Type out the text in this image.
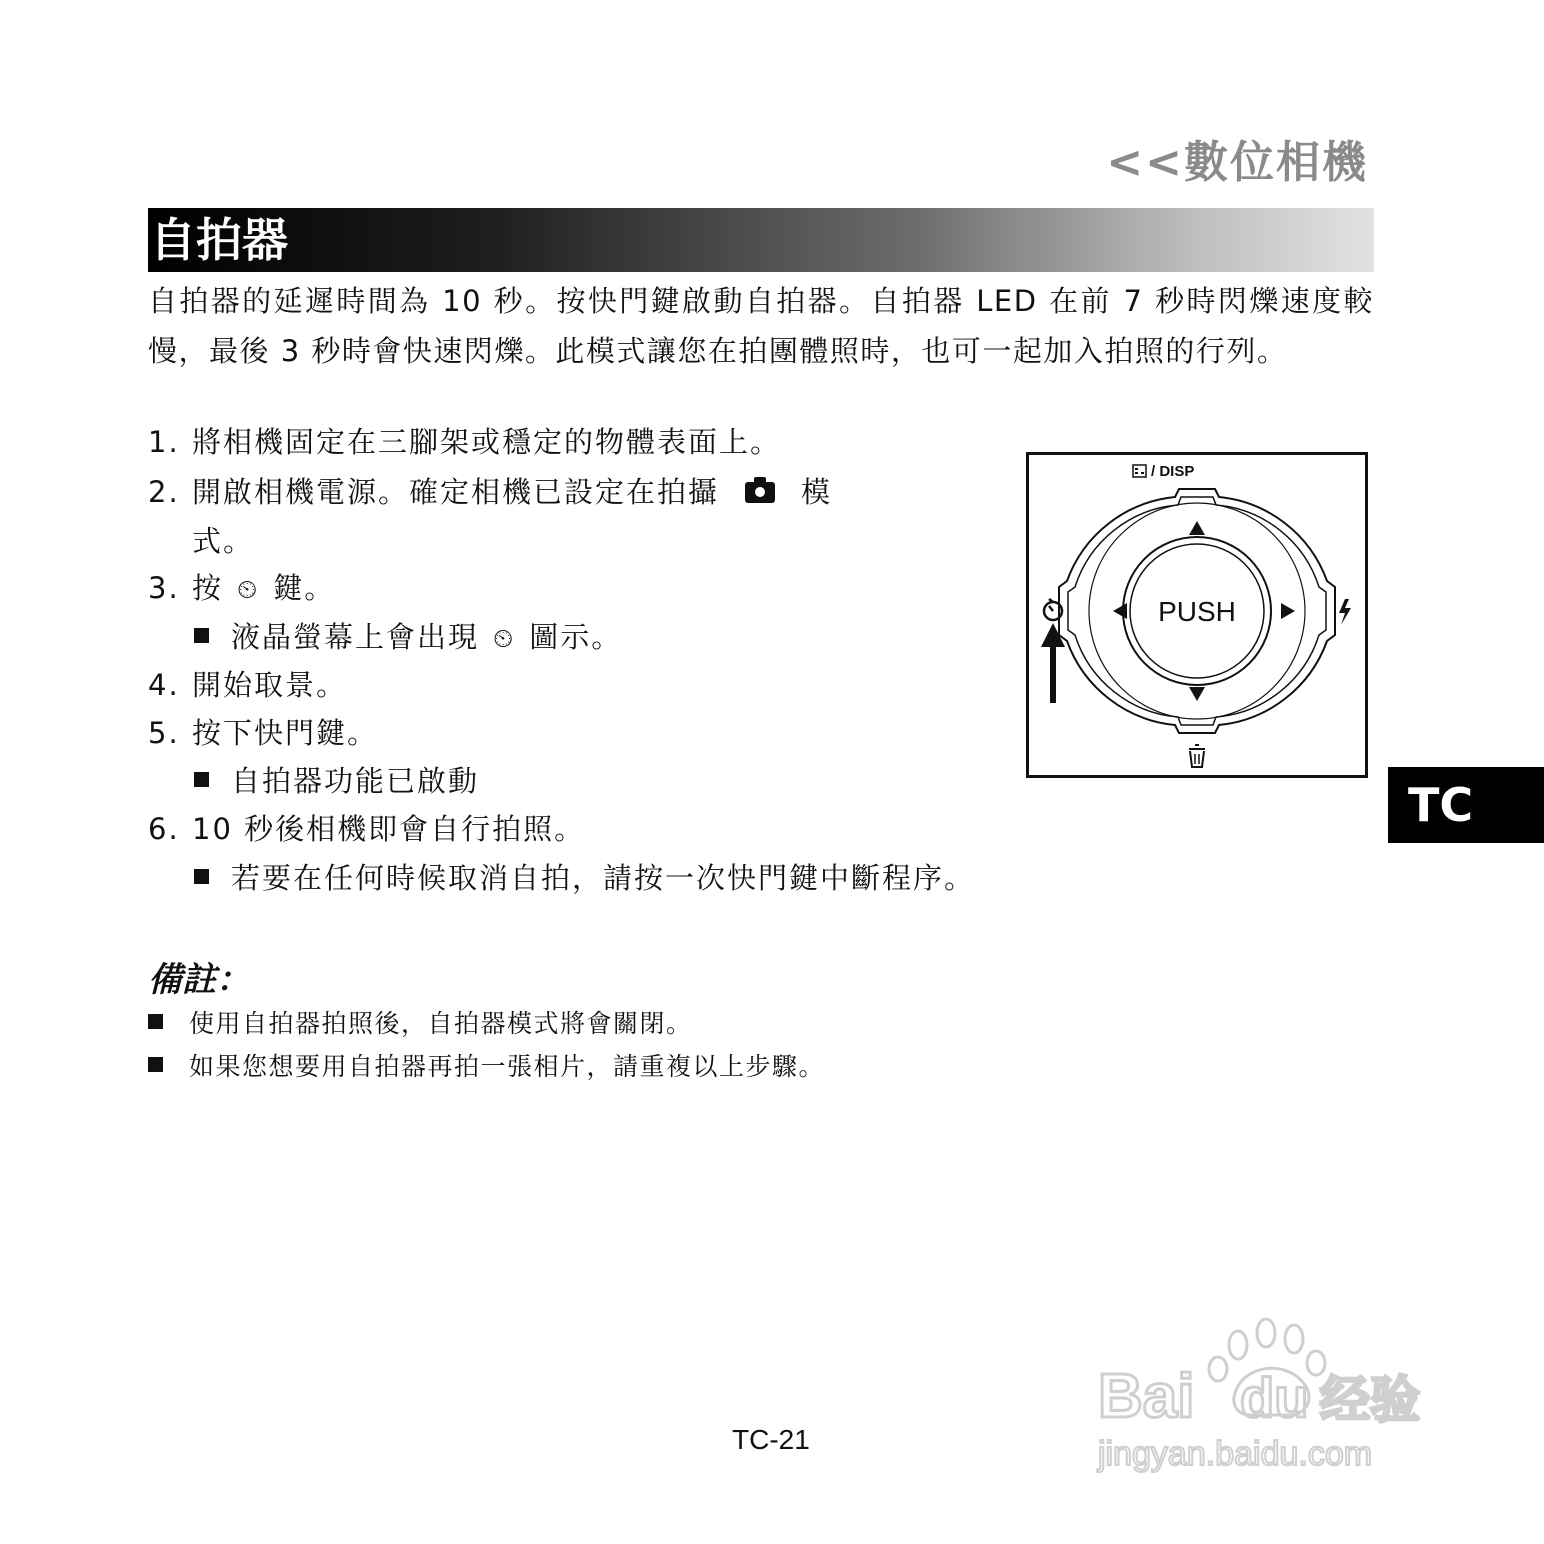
<<數位相機
自拍器

自拍器的延遲時間為 10 秒。按快門鍵啟動自拍器。自拍器 LED 在前 7 秒時閃爍速度較慢，最後 3 秒時會快速閃爍。此模式讓您在拍團體照時，也可一起加入拍照的行列。

1. 將相機固定在三腳架或穩定的物體表面上。
2. 開啟相機電源。確定相機已設定在拍攝	模
式。
3. 按 ⏲ 鍵。
液晶螢幕上會出現 ⏲ 圖示。
4. 開始取景。
5. 按下快門鍵。
自拍器功能已啟動
6. 10 秒後相機即會自行拍照。
若要在任何時候取消自拍，請按一次快門鍵中斷程序。
備註：
使用自拍器拍照後，自拍器模式將會關閉。
如果您想要用自拍器再拍一張相片，請重複以上步驟。
/ DISP
PUSH
TC
TC-21
Bai du 经验
jingyan.baidu.com
